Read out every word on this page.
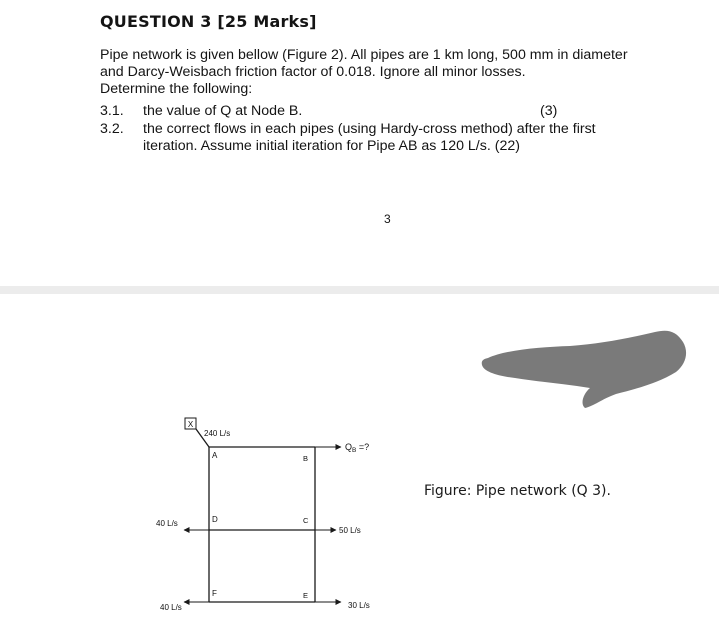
QUESTION 3 [25 Marks]
Pipe network is given bellow (Figure 2). All pipes are 1 km long, 500 mm in diameter
and Darcy-Weisbach friction factor of 0.018. Ignore all minor losses.
Determine the following:
3.1. the value of Q at Node B.	(3)
3.2. the correct flows in each pipes (using Hardy-cross method) after the first
iteration. Assume initial iteration for Pipe AB as 120 L/s. (22)
3
X
240 L/s
A	B
D	C
F	E
$Q_B$ =?
50 L/s
30 L/s
40 L/s
40 L/s
Figure: Pipe network (Q 3).
